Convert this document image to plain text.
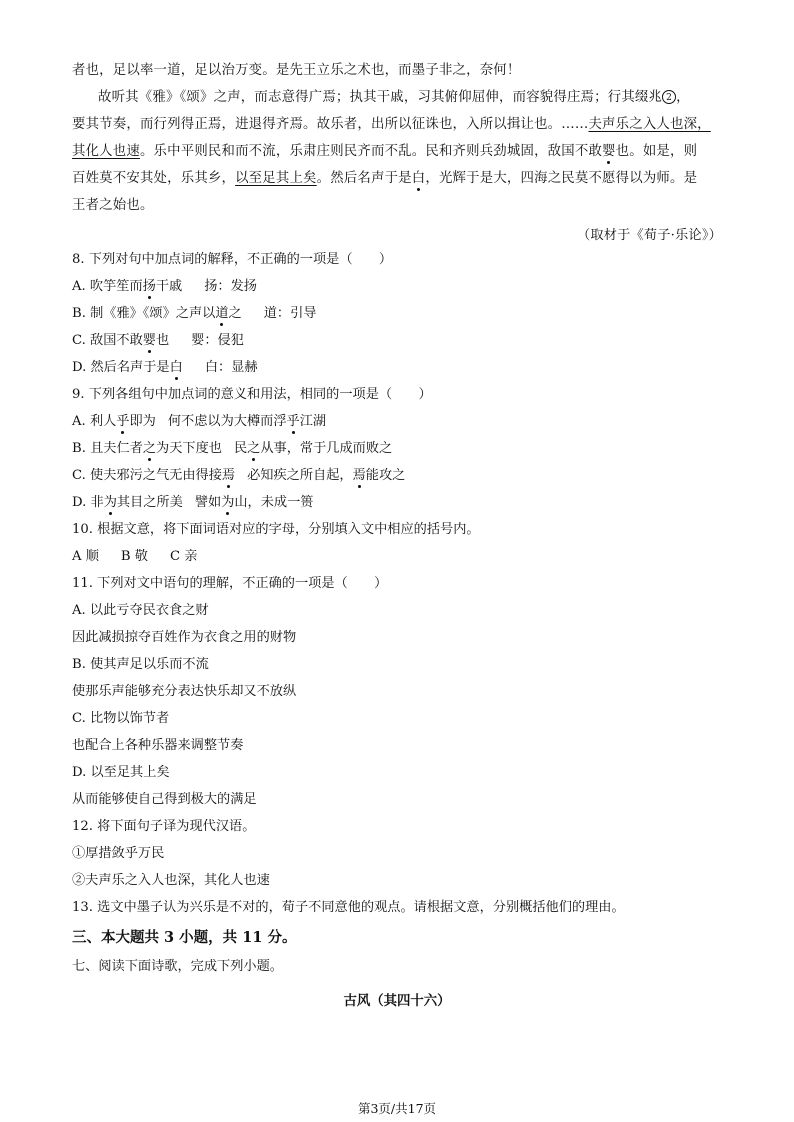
者也，足以率一道，足以治万变。是先王立乐之术也，而墨子非之，奈何！
故听其《雅》《颂》之声，而志意得广焉；执其干戚，习其俯仰屈伸，而容貌得庄焉；行其缀兆 2 ，
要其节奏，而行列得正焉，进退得齐焉。故乐者，出所以征诛也，入所以揖让也。……夫声乐之入人也深，
其化人也速。乐中平则民和而不流，乐肃庄则民齐而不乱。民和齐则兵劲城固，敌国不敢婴也。如是，则
百姓莫不安其处，乐其乡，以至足其上矣。然后名声于是白，光辉于是大，四海之民莫不愿得以为师。是
王者之始也。
（取材于《荀子·乐论》）
8. 下列对句中加点词的解释，不正确的一项是（　　）
A. 吹竽笙而扬干戚 扬：发扬
B. 制《雅》《颂》之声以道之 道：引导
C. 敌国不敢婴也 婴：侵犯
D. 然后名声于是白 白：显赫
9. 下列各组句中加点词的意义和用法，相同的一项是（　　）
A. 利人乎即为 何不虑以为大樽而浮乎江湖
B. 且夫仁者之为天下度也 民之从事，常于几成而败之
C. 使夫邪污之气无由得接焉 必知疾之所自起，焉能攻之
D. 非为其目之所美 譬如为山，未成一篑
10. 根据文意，将下面词语对应的字母，分别填入文中相应的括号内。
A 顺 B 敬 C 亲
11. 下列对文中语句的理解，不正确的一项是（　　）
A. 以此亏夺民衣食之财
因此减损掠夺百姓作为衣食之用的财物
B. 使其声足以乐而不流
使那乐声能够充分表达快乐却又不放纵
C. 比物以饰节者
也配合上各种乐器来调整节奏
D. 以至足其上矣
从而能够使自己得到极大的满足
12. 将下面句子译为现代汉语。
①厚措敛乎万民
②夫声乐之入人也深，其化人也速
13. 选文中墨子认为兴乐是不对的，荀子不同意他的观点。请根据文意，分别概括他们的理由。
三、本大题共 3 小题，共 11 分。
七、阅读下面诗歌，完成下列小题。
古风（其四十六）
第3页/共17页
